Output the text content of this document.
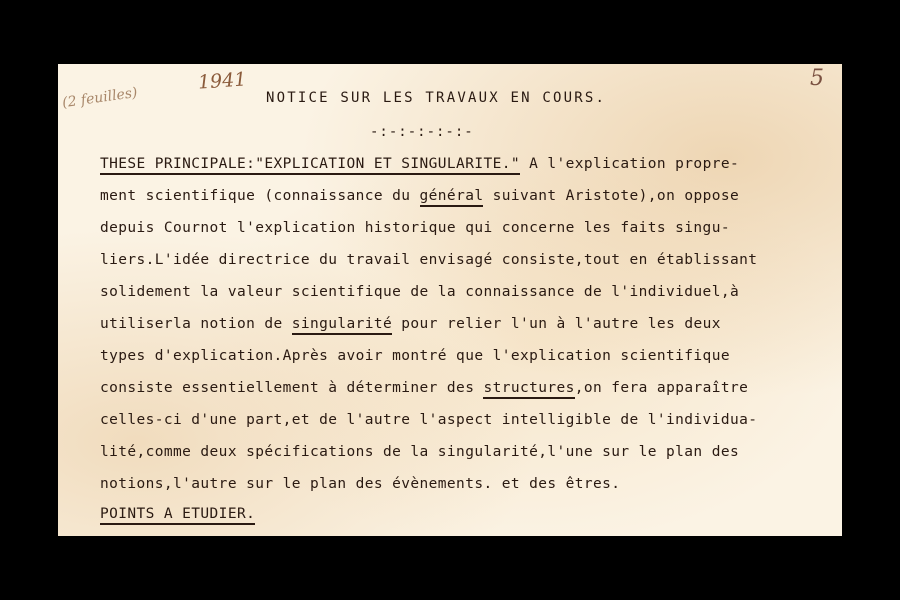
(2 feuilles)
1941	5
NOTICE SUR LES TRAVAUX EN COURS.
-:-:-:-:-:-
THESE PRINCIPALE:"EXPLICATION ET SINGULARITE." A l'explication propre-
ment scientifique (connaissance du général suivant Aristote),on oppose
depuis Cournot l'explication historique qui concerne les faits singu-
liers.L'idée directrice du travail envisagé consiste,tout en établissant
solidement la valeur scientifique de la connaissance de l'individuel,à
utiliserla notion de singularité pour relier l'un à l'autre les deux
types d'explication.Après avoir montré que l'explication scientifique
consiste essentiellement à déterminer des structures,on fera apparaître
celles-ci d'une part,et de l'autre l'aspect intelligible de l'individua-
lité,comme deux spécifications de la singularité,l'une sur le plan des
notions,l'autre sur le plan des évènements. et des êtres.
POINTS A ETUDIER.
